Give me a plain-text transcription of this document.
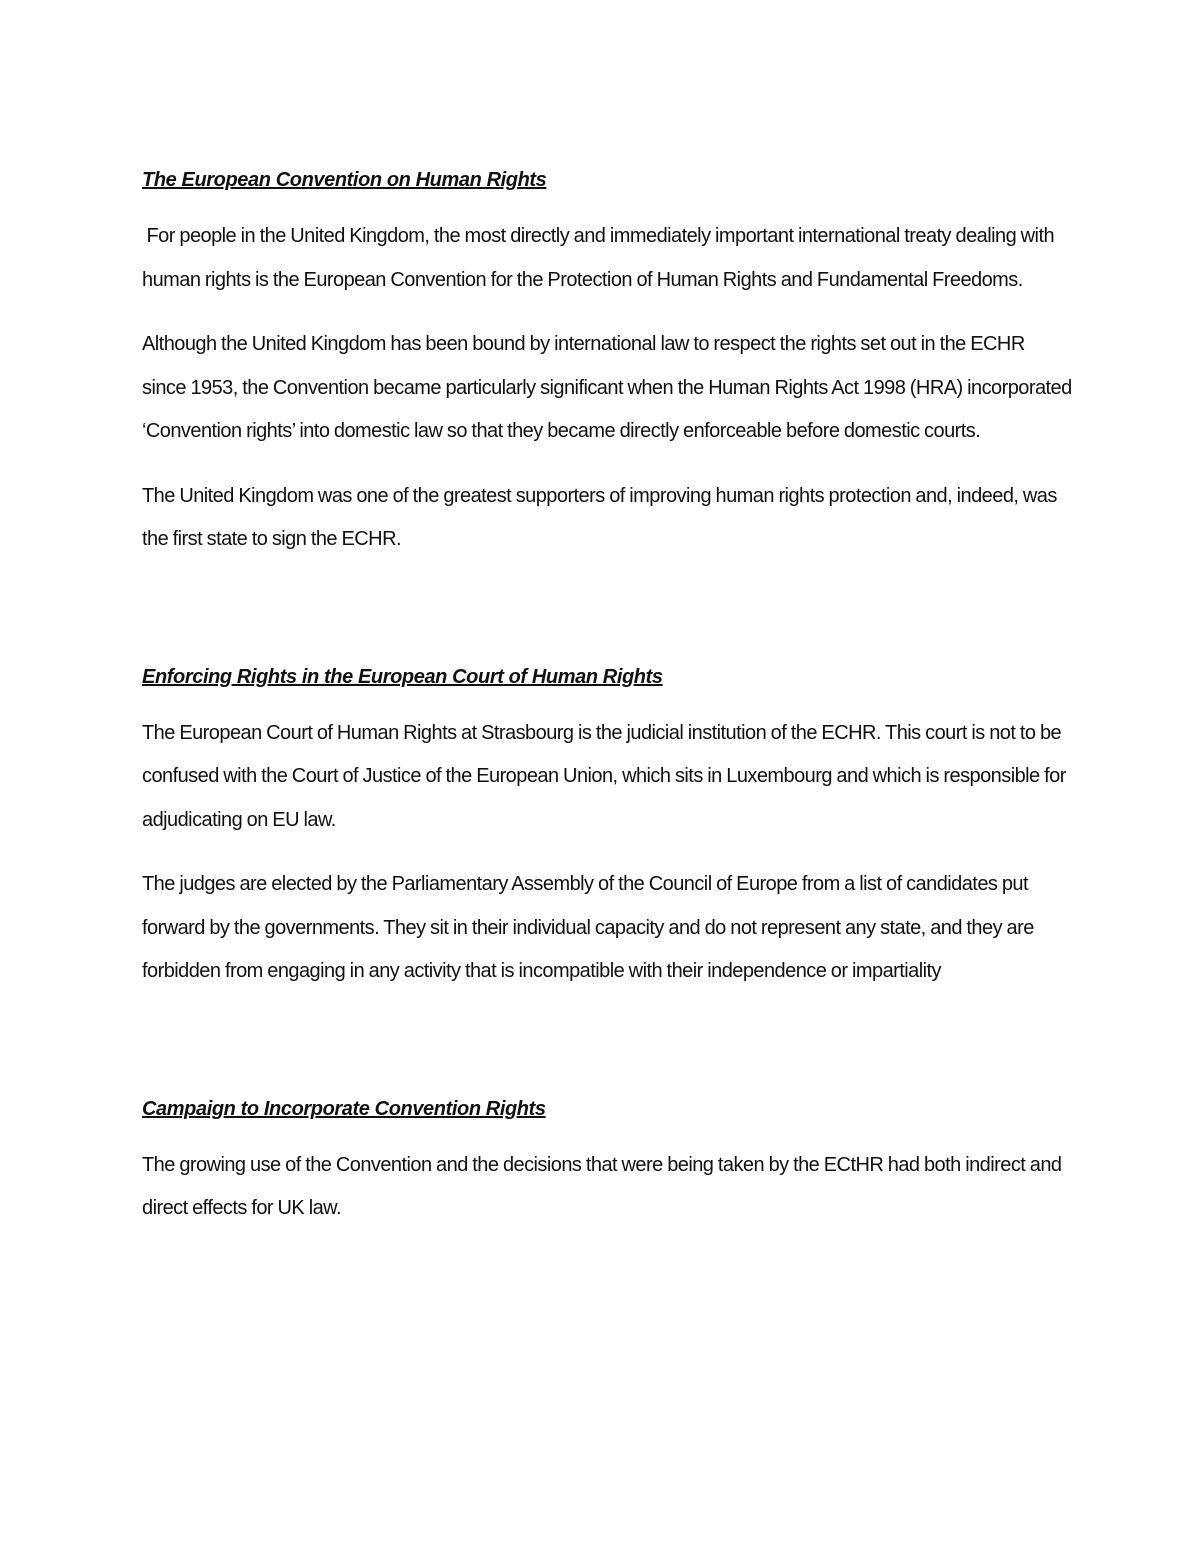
The European Convention on Human Rights

For people in the United Kingdom, the most directly and immediately important international treaty dealing with human rights is the European Convention for the Protection of Human Rights and Fundamental Freedoms.

Although the United Kingdom has been bound by international law to respect the rights set out in the ECHR since 1953, the Convention became particularly significant when the Human Rights Act 1998 (HRA) incorporated ‘Convention rights’ into domestic law so that they became directly enforceable before domestic courts.

The United Kingdom was one of the greatest supporters of improving human rights protection and, indeed, was the first state to sign the ECHR.

Enforcing Rights in the European Court of Human Rights

The European Court of Human Rights at Strasbourg is the judicial institution of the ECHR. This court is not to be confused with the Court of Justice of the European Union, which sits in Luxembourg and which is responsible for adjudicating on EU law.

The judges are elected by the Parliamentary Assembly of the Council of Europe from a list of candidates put forward by the governments. They sit in their individual capacity and do not represent any state, and they are forbidden from engaging in any activity that is incompatible with their independence or impartiality

Campaign to Incorporate Convention Rights

The growing use of the Convention and the decisions that were being taken by the ECtHR had both indirect and direct effects for UK law.
